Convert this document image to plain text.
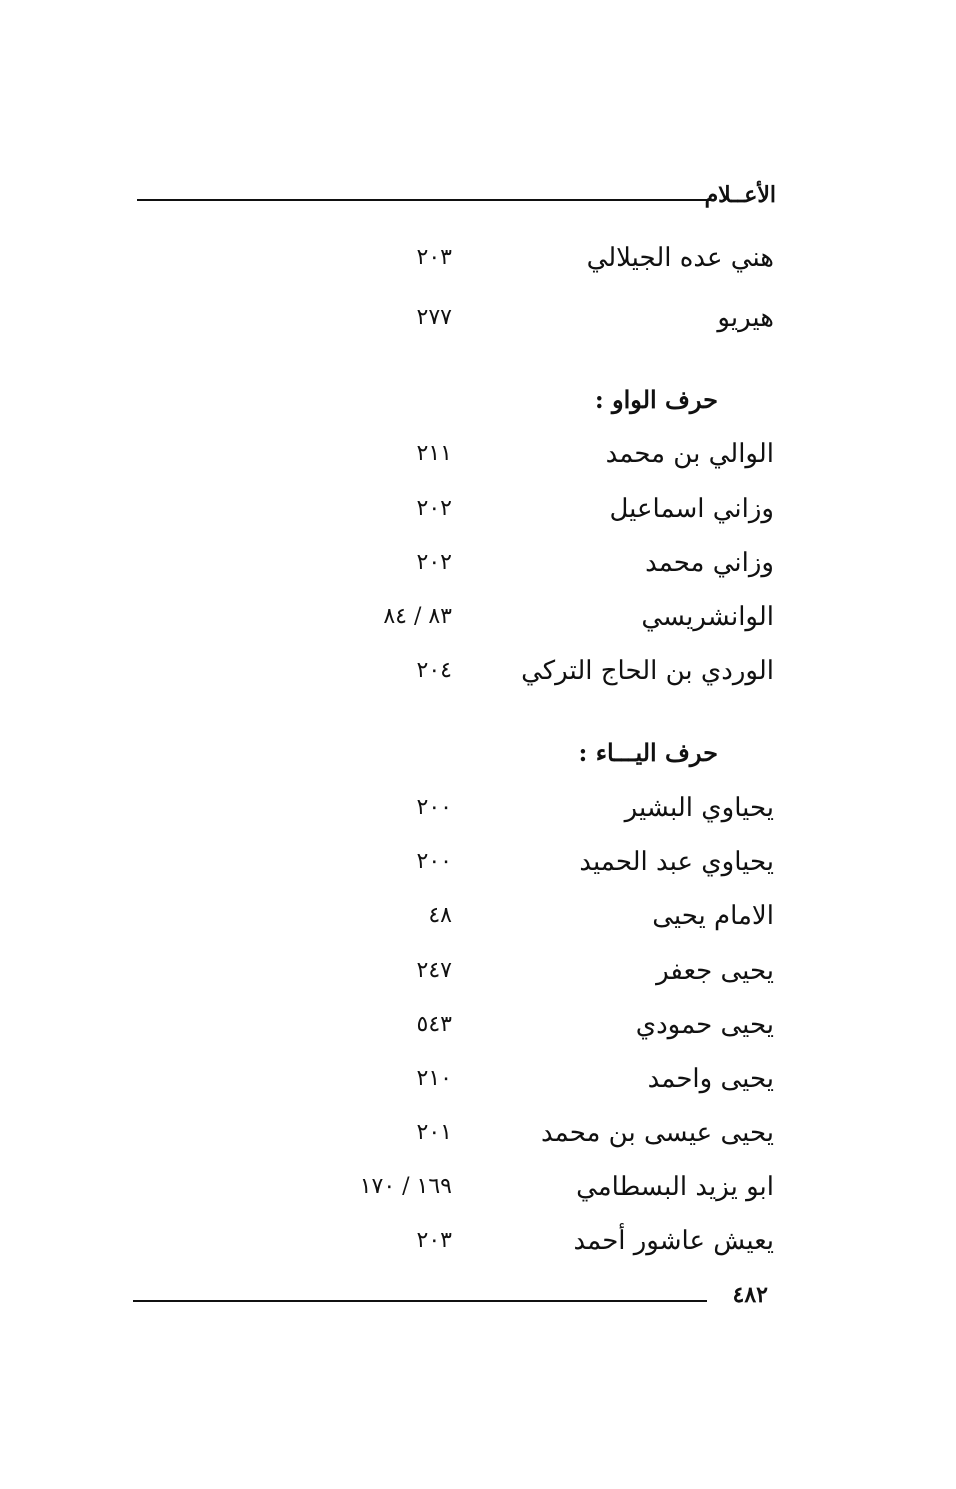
الأعــلام
هني عده الجيلالي
٢٠٣
هيريو
٢٧٧
حرف الواو :
الوالي بن محمد
٢١١
وزاني اسماعيل
٢٠٢
وزاني محمد
٢٠٢
الوانشريسي
٨٣ / ٨٤
الوردي بن الحاج التركي
٢٠٤
حرف اليـــاء :
يحياوي البشير
٢٠٠
يحياوي عبد الحميد
٢٠٠
الامام يحيى
٤٨
يحيى جعفر
٢٤٧
يحيى حمودي
٥٤٣
يحيى واحمد
٢١٠
يحيى عيسى بن محمد
٢٠١
ابو يزيد البسطامي
١٦٩ / ١٧٠
يعيش عاشور أحمد
٢٠٣
٤٨٢
